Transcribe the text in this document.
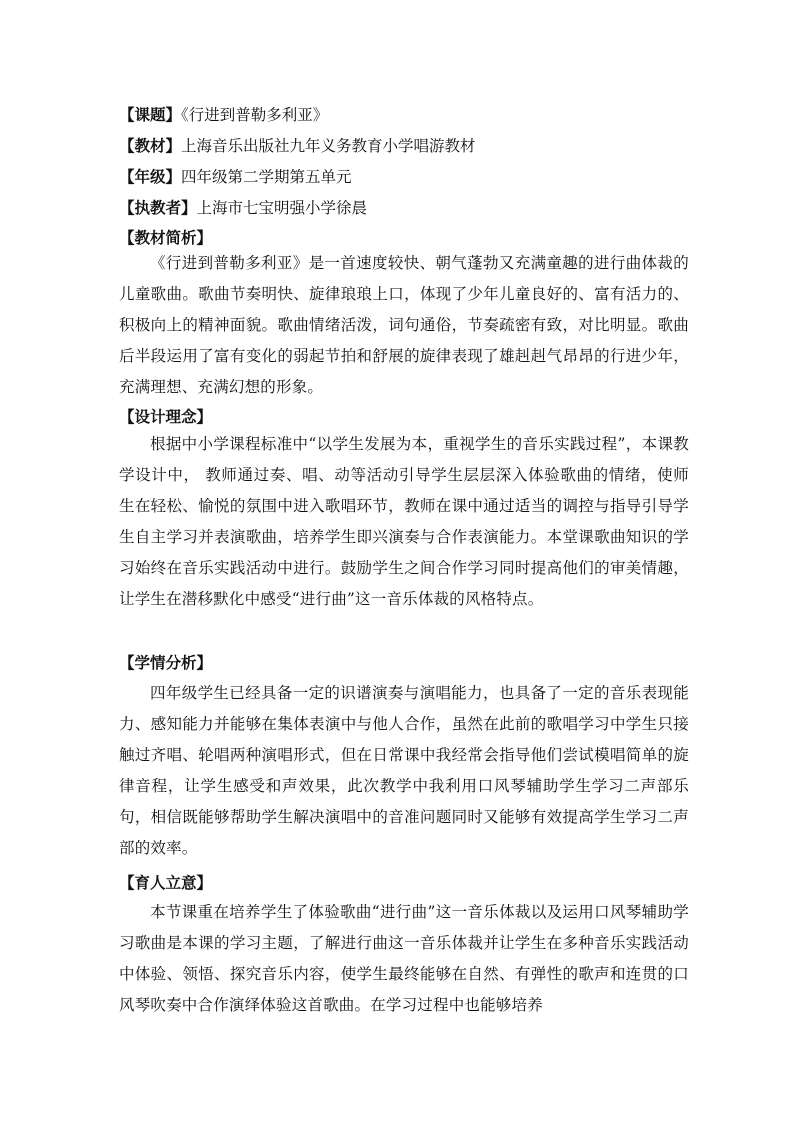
【课题】《行进到普勒多利亚》
【教材】上海音乐出版社九年义务教育小学唱游教材
【年级】四年级第二学期第五单元
【执教者】上海市七宝明强小学徐晨
【教材简析】

《行进到普勒多利亚》是一首速度较快、朝气蓬勃又充满童趣的进行曲体裁的儿童歌曲。歌曲节奏明快、旋律琅琅上口，体现了少年儿童良好的、富有活力的、积极向上的精神面貌。歌曲情绪活泼，词句通俗，节奏疏密有致，对比明显。歌曲后半段运用了富有变化的弱起节拍和舒展的旋律表现了雄赳赳气昂昂的行进少年，充满理想、充满幻想的形象。

【设计理念】

根据中小学课程标准中“以学生发展为本，重视学生的音乐实践过程”，本课教学设计中， 教师通过奏、唱、动等活动引导学生层层深入体验歌曲的情绪，使师生在轻松、愉悦的氛围中进入歌唱环节，教师在课中通过适当的调控与指导引导学生自主学习并表演歌曲，培养学生即兴演奏与合作表演能力。本堂课歌曲知识的学习始终在音乐实践活动中进行。鼓励学生之间合作学习同时提高他们的审美情趣，让学生在潜移默化中感受“进行曲”这一音乐体裁的风格特点。

【学情分析】

四年级学生已经具备一定的识谱演奏与演唱能力，也具备了一定的音乐表现能力、感知能力并能够在集体表演中与他人合作，虽然在此前的歌唱学习中学生只接触过齐唱、轮唱两种演唱形式，但在日常课中我经常会指导他们尝试模唱简单的旋律音程，让学生感受和声效果，此次教学中我利用口风琴辅助学生学习二声部乐句，相信既能够帮助学生解决演唱中的音准问题同时又能够有效提高学生学习二声部的效率。

【育人立意】

本节课重在培养学生了体验歌曲“进行曲”这一音乐体裁以及运用口风琴辅助学习歌曲是本课的学习主题，了解进行曲这一音乐体裁并让学生在多种音乐实践活动中体验、领悟、探究音乐内容，使学生最终能够在自然、有弹性的歌声和连贯的口风琴吹奏中合作演绎体验这首歌曲。在学习过程中也能够培养
